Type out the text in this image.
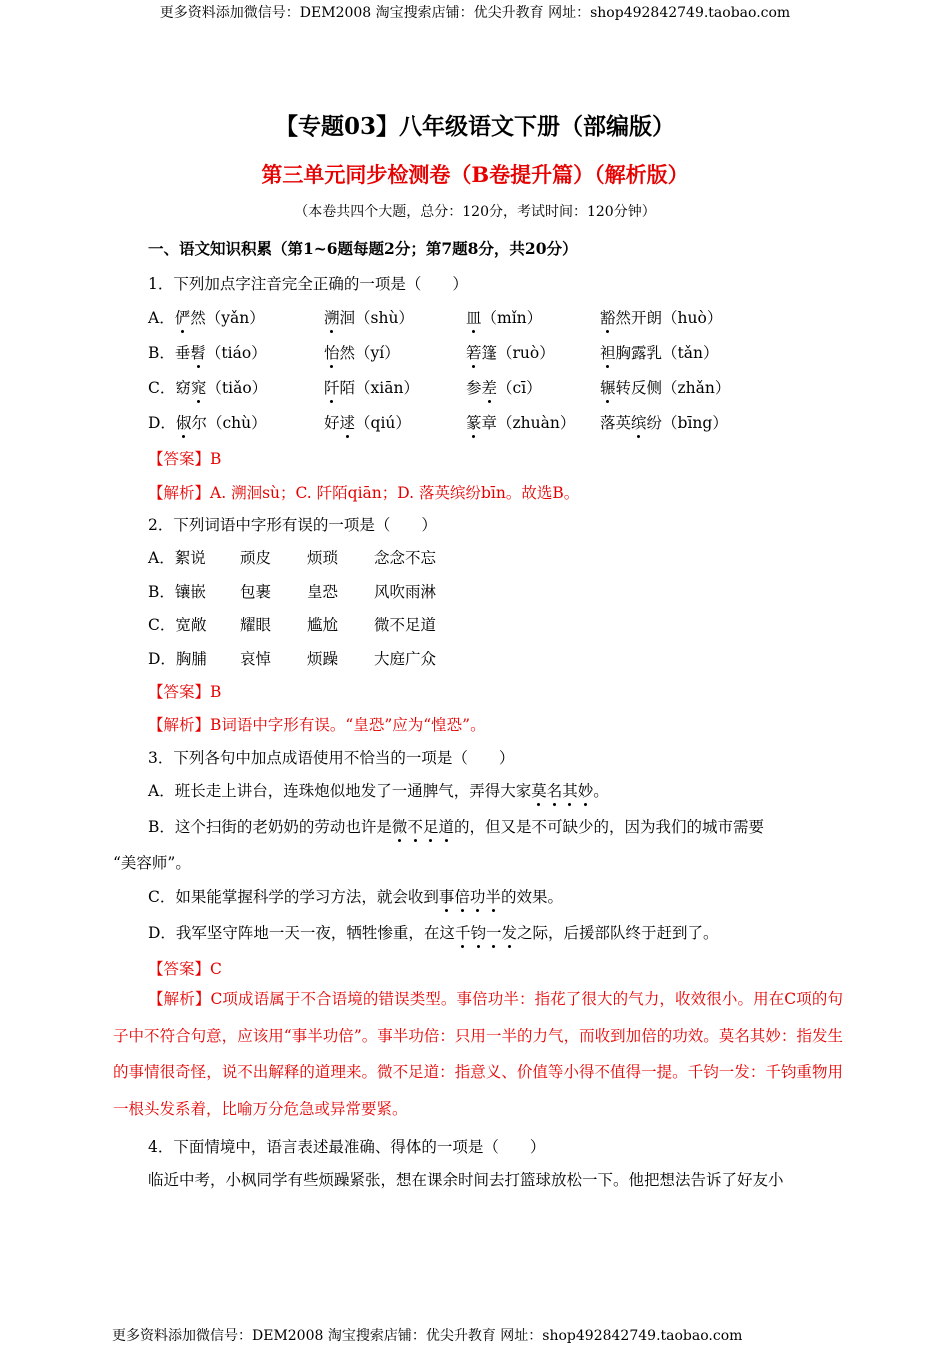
更多资料添加微信号：DEM2008 淘宝搜索店铺：优尖升教育 网址：shop492842749.taobao.com
【专题03】八年级语文下册（部编版）
第三单元同步检测卷（B卷提升篇）（解析版）
（本卷共四个大题，总分：120分，考试时间：120分钟）
一、语文知识积累（第1~6题每题2分；第7题8分，共20分）
1．下列加点字注音完全正确的一项是（　　）
A．俨然（yǎn）	溯洄（shù）	皿（mǐn）	豁然开朗（huò）
B．垂髫（tiáo）	怡然（yí）	箬篷（ruò）	袒胸露乳（tǎn）
C．窈窕（tiǎo）	阡陌（xiān）	参差（cī）	辗转反侧（zhǎn）
D．俶尔（chù）	好逑（qiú）	篆章（zhuàn） 落英缤纷（bīng）
【答案】B
【解析】A. 溯洄sù；C. 阡陌qiān；D. 落英缤纷bīn。故选B。
2．下列词语中字形有误的一项是（　　）
A．絮说 顽皮 烦琐 念念不忘
B．镶嵌 包裹 皇恐 风吹雨淋
C．宽敞 耀眼 尴尬 微不足道
D．胸脯 哀悼 烦躁 大庭广众
【答案】B
【解析】B词语中字形有误。“皇恐”应为“惶恐”。
3．下列各句中加点成语使用不恰当的一项是（　　）
A．班长走上讲台，连珠炮似地发了一通脾气，弄得大家莫名其妙。
B．这个扫街的老奶奶的劳动也许是微不足道的，但又是不可缺少的，因为我们的城市需要
“美容师”。
C．如果能掌握科学的学习方法，就会收到事倍功半的效果。
D．我军坚守阵地一天一夜，牺牲惨重，在这千钧一发之际，后援部队终于赶到了。
【答案】C
【解析】C项成语属于不合语境的错误类型。事倍功半：指花了很大的气力，收效很小。用在C项的句子中不符合句意，应该用“事半功倍”。事半功倍：只用一半的力气，而收到加倍的功效。莫名其妙：指发生的事情很奇怪，说不出解释的道理来。微不足道：指意义、价值等小得不值得一提。千钧一发：千钧重物用一根头发系着，比喻万分危急或异常要紧。
4．下面情境中，语言表述最准确、得体的一项是（　　）
临近中考，小枫同学有些烦躁紧张，想在课余时间去打篮球放松一下。他把想法告诉了好友小
更多资料添加微信号：DEM2008 淘宝搜索店铺：优尖升教育 网址：shop492842749.taobao.com
